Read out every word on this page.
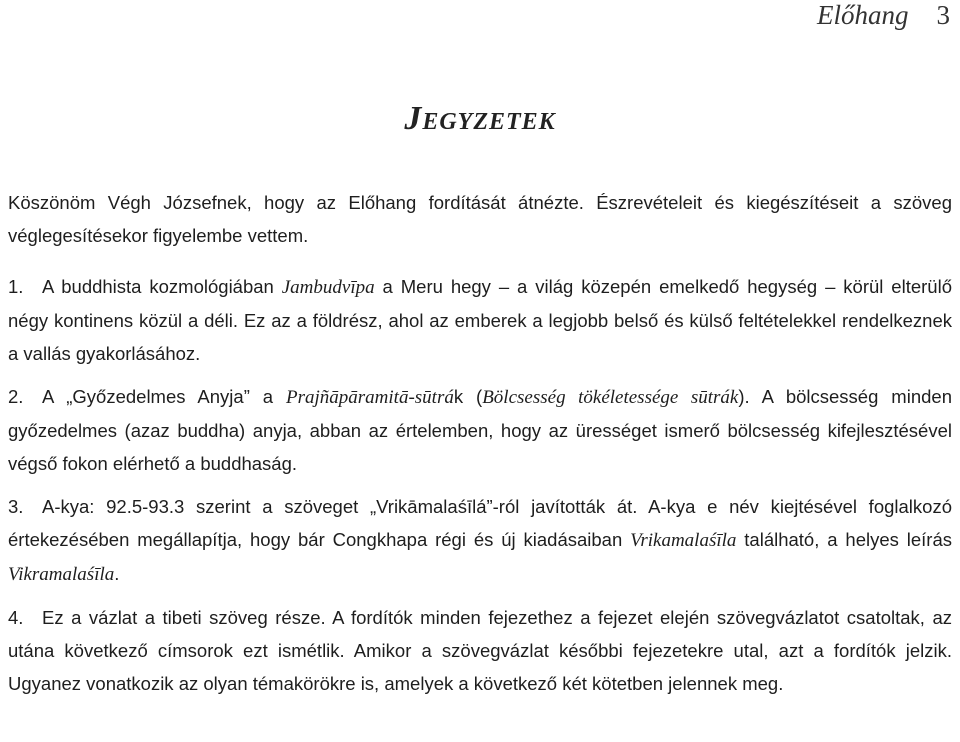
Előhang 3
Jegyzetek

Köszönöm Végh Józsefnek, hogy az Előhang fordítását átnézte. Észrevételeit és kiegészítéseit a szöveg véglegesítésekor figyelembe vettem.

1. A buddhista kozmológiában Jambudvīpa a Meru hegy – a világ közepén emelkedő hegység – körül elterülő négy kontinens közül a déli. Ez az a földrész, ahol az emberek a legjobb belső és külső feltételekkel rendelkeznek a vallás gyakorlásához.

2. A „Győzedelmes Anyja” a Prajñāpāramitā-sūtrák (Bölcsesség tökéletessége sūtrák). A bölcsesség minden győzedelmes (azaz buddha) anyja, abban az értelemben, hogy az ürességet ismerő bölcsesség kifejlesztésével végső fokon elérhető a buddhaság.

3. A-kya: 92.5-93.3 szerint a szöveget „Vrikāmalaśīlá”-ról javították át. A-kya e név kiejtésével foglalkozó értekezésében megállapítja, hogy bár Congkhapa régi és új kiadásaiban Vrikamalaśīla található, a helyes leírás Vikramalaśīla.

4. Ez a vázlat a tibeti szöveg része. A fordítók minden fejezethez a fejezet elején szövegvázlatot csatoltak, az utána következő címsorok ezt ismétlik. Amikor a szövegvázlat későbbi fejezetekre utal, azt a fordítók jelzik. Ugyanez vonatkozik az olyan témakörökre is, amelyek a következő két kötetben jelennek meg.
